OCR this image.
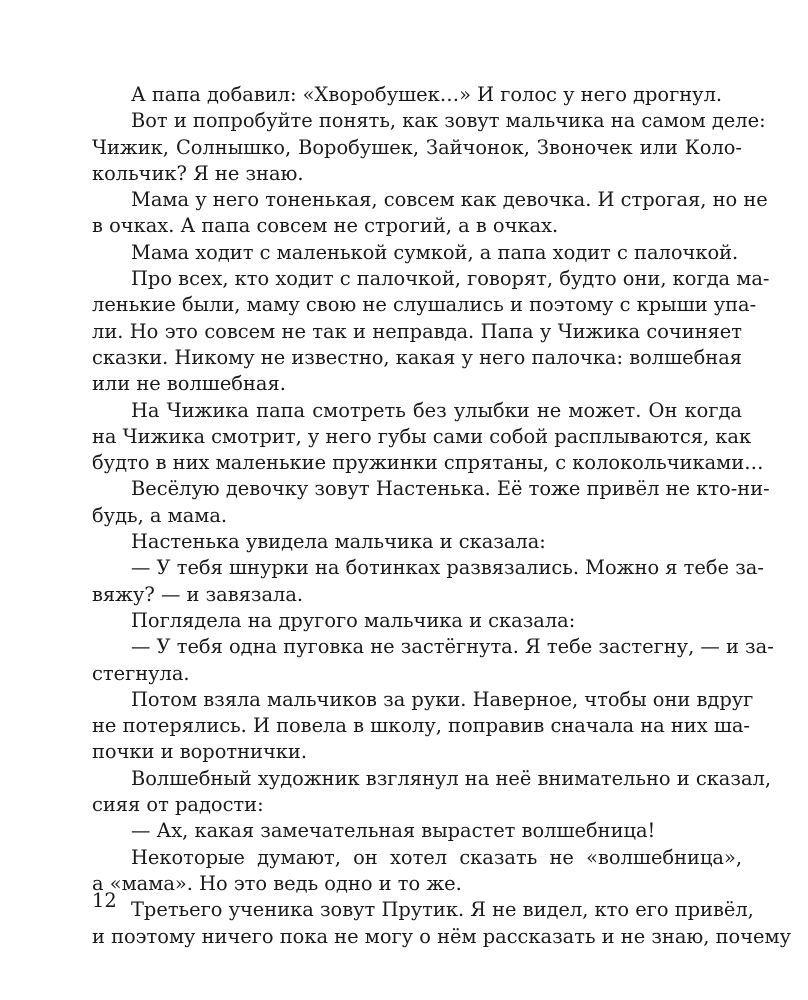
А папа добавил: «Хворобушек…» И голос у него дрогнул.
Вот и попробуйте понять, как зовут мальчика на самом деле:
Чижик, Солнышко, Воробушек, Зайчонок, Звоночек или Коло-
кольчик? Я не знаю.
Мама у него тоненькая, совсем как девочка. И строгая, но не
в очках. А папа совсем не строгий, а в очках.
Мама ходит с маленькой сумкой, а папа ходит с палочкой.
Про всех, кто ходит с палочкой, говорят, будто они, когда ма-
ленькие были, маму свою не слушались и поэтому с крыши упа-
ли. Но это совсем не так и неправда. Папа у Чижика сочиняет
сказки. Никому не известно, какая у него палочка: волшебная
или не волшебная.
На Чижика папа смотреть без улыбки не может. Он когда
на Чижика смотрит, у него губы сами собой расплываются, как
будто в них маленькие пружинки спрятаны, с колокольчиками…
Весёлую девочку зовут Настенька. Её тоже привёл не кто-ни-
будь, а мама.
Настенька увидела мальчика и сказала:
— У тебя шнурки на ботинках развязались. Можно я тебе за-
вяжу? — и завязала.
Поглядела на другого мальчика и сказала:
— У тебя одна пуговка не застёгнута. Я тебе застегну, — и за-
стегнула.
Потом взяла мальчиков за руки. Наверное, чтобы они вдруг
не потерялись. И повела в школу, поправив сначала на них ша-
почки и воротнички.
Волшебный художник взглянул на неё внимательно и сказал,
сияя от радости:
— Ах, какая замечательная вырастет волшебница!
Некоторые думают, он хотел сказать не «волшебница»,
а «мама». Но это ведь одно и то же.
Третьего ученика зовут Прутик. Я не видел, кто его привёл,
и поэтому ничего пока не могу о нём рассказать и не знаю, почему
12
